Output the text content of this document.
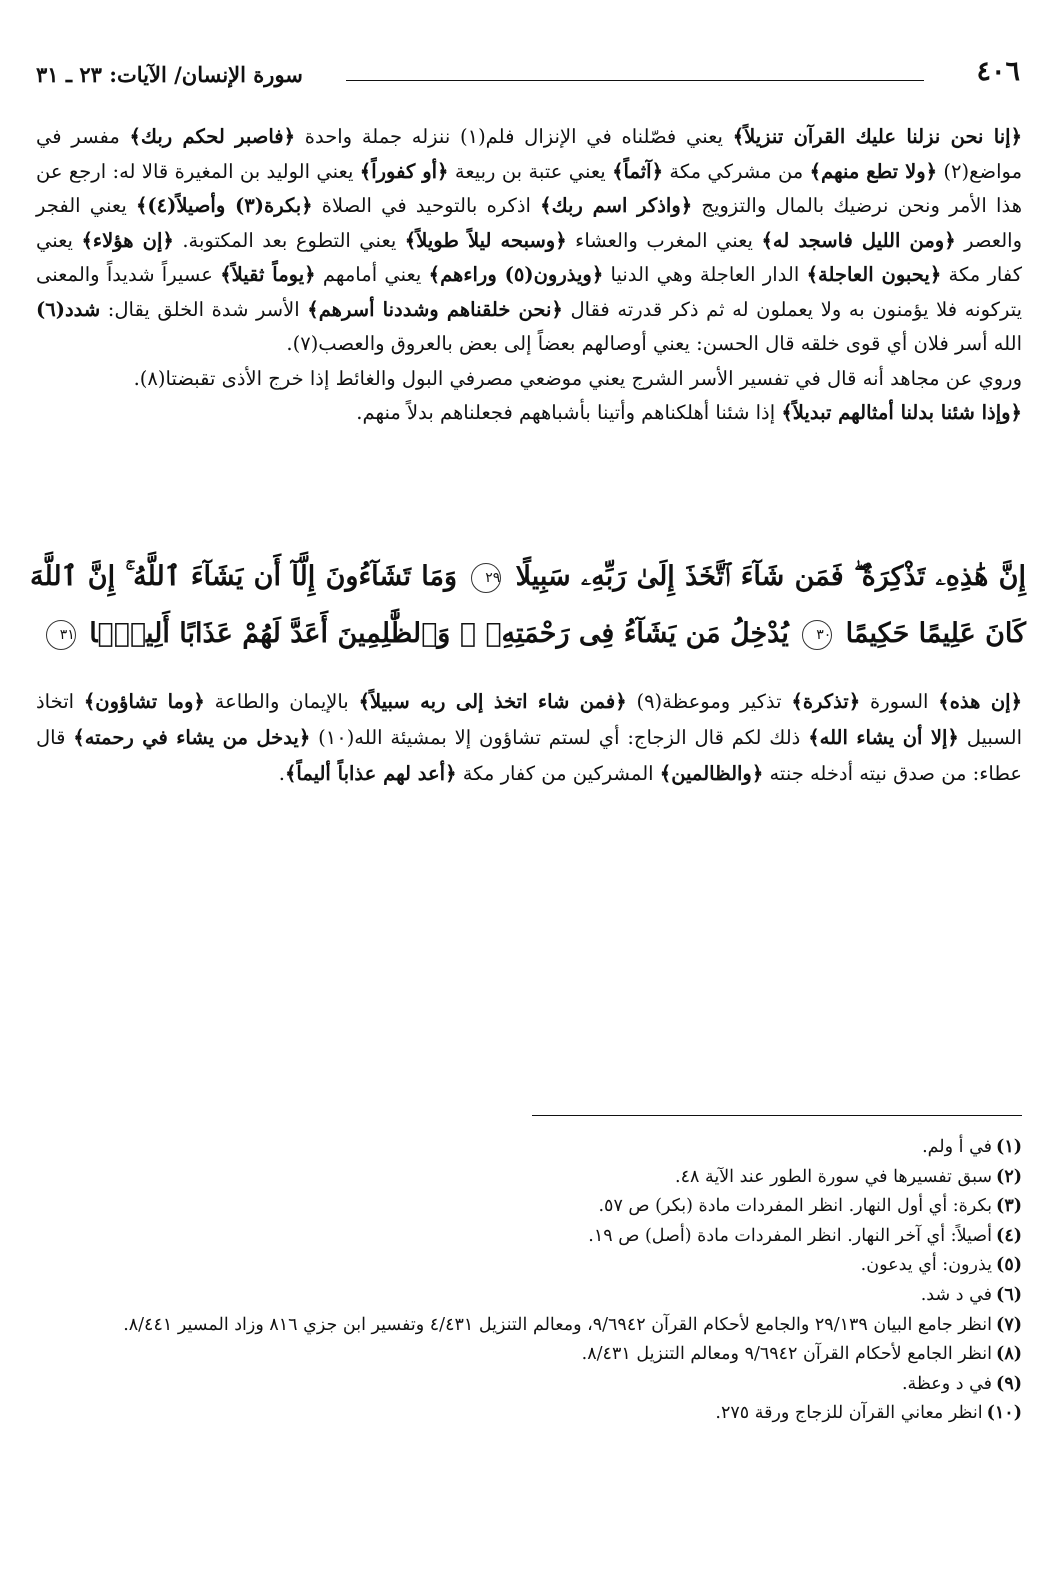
سورة الإنسان/ الآيات: ٢٣ ـ ٣١	٤٠٦

﴿إنا نحن نزلنا عليك القرآن تنزيلاً﴾ يعني فصّلناه في الإنزال فلم(١) ننزله جملة واحدة ﴿فاصبر لحكم ربك﴾ مفسر في مواضع(٢) ﴿ولا تطع منهم﴾ من مشركي مكة ﴿آثماً﴾ يعني عتبة بن ربيعة ﴿أو كفوراً﴾ يعني الوليد بن المغيرة قالا له: ارجع عن هذا الأمر ونحن نرضيك بالمال والتزويج ﴿واذكر اسم ربك﴾ اذكره بالتوحيد في الصلاة ﴿بكرة(٣) وأصيلاً(٤)﴾ يعني الفجر والعصر ﴿ومن الليل فاسجد له﴾ يعني المغرب والعشاء ﴿وسبحه ليلاً طويلاً﴾ يعني التطوع بعد المكتوبة. ﴿إن هؤلاء﴾ يعني كفار مكة ﴿يحبون العاجلة﴾ الدار العاجلة وهي الدنيا ﴿ويذرون(٥) وراءهم﴾ يعني أمامهم ﴿يوماً ثقيلاً﴾ عسيراً شديداً والمعنى يتركونه فلا يؤمنون به ولا يعملون له ثم ذكر قدرته فقال ﴿نحن خلقناهم وشددنا أسرهم﴾ الأسر شدة الخلق يقال: شدد(٦) الله أسر فلان أي قوى خلقه قال الحسن: يعني أوصالهم بعضاً إلى بعض بالعروق والعصب(٧).

وروي عن مجاهد أنه قال في تفسير الأسر الشرج يعني موضعي مصرفي البول والغائط إذا خرج الأذى تقبضتا(٨).

﴿وإذا شئنا بدلنا أمثالهم تبديلاً﴾ إذا شئنا أهلكناهم وأتينا بأشباههم فجعلناهم بدلاً منهم.

إِنَّ هَٰذِهِۦ تَذْكِرَةٌ ۖ فَمَن شَآءَ ٱتَّخَذَ إِلَىٰ رَبِّهِۦ سَبِيلًا ٢٩ وَمَا تَشَآءُونَ إِلَّآ أَن يَشَآءَ ٱللَّهُ ۚ إِنَّ ٱللَّهَ كَانَ عَلِيمًا حَكِيمًا ٣٠ يُدْخِلُ مَن يَشَآءُ فِى رَحْمَتِهِۦ ۚ وَٱلظَّٰلِمِينَ أَعَدَّ لَهُمْ عَذَابًا أَلِيمًۢا ٣١

﴿إن هذه﴾ السورة ﴿تذكرة﴾ تذكير وموعظة(٩) ﴿فمن شاء اتخذ إلى ربه سبيلاً﴾ بالإيمان والطاعة ﴿وما تشاؤون﴾ اتخاذ السبيل ﴿إلا أن يشاء الله﴾ ذلك لكم قال الزجاج: أي لستم تشاؤون إلا بمشيئة الله(١٠) ﴿يدخل من يشاء في رحمته﴾ قال عطاء: من صدق نيته أدخله جنته ﴿والظالمين﴾ المشركين من كفار مكة ﴿أعد لهم عذاباً أليماً﴾.

(١)في أ ولم.
(٢)سبق تفسيرها في سورة الطور عند الآية ٤٨.
(٣)بكرة: أي أول النهار. انظر المفردات مادة (بكر) ص ٥٧.
(٤)أصيلاً: أي آخر النهار. انظر المفردات مادة (أصل) ص ١٩.
(٥)يذرون: أي يدعون.
(٦)في د شد.
(٧)انظر جامع البيان ٢٩/١٣٩ والجامع لأحكام القرآن ٩/٦٩٤٢، ومعالم التنزيل ٤/٤٣١ وتفسير ابن جزي ٨١٦ وزاد المسير ٨/٤٤١.
(٨)انظر الجامع لأحكام القرآن ٩/٦٩٤٢ ومعالم التنزيل ٨/٤٣١.
(٩)في د وعظة.
(١٠)انظر معاني القرآن للزجاج ورقة ٢٧٥.
